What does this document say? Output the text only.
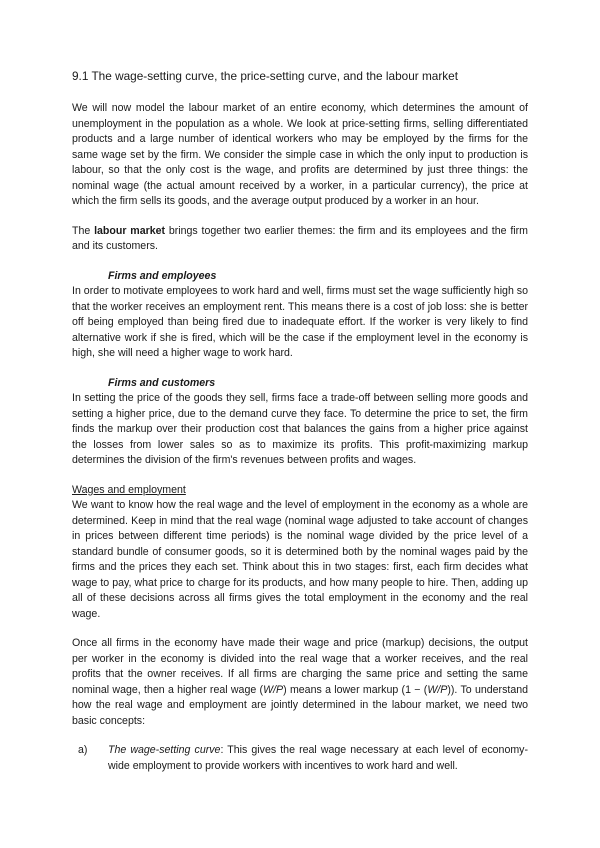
9.1 The wage-setting curve, the price-setting curve, and the labour market

We will now model the labour market of an entire economy, which determines the amount of unemployment in the population as a whole. We look at price-setting firms, selling differentiated products and a large number of identical workers who may be employed by the firms for the same wage set by the firm. We consider the simple case in which the only input to production is labour, so that the only cost is the wage, and profits are determined by just three things: the nominal wage (the actual amount received by a worker, in a particular currency), the price at which the firm sells its goods, and the average output produced by a worker in an hour.

The labour market brings together two earlier themes: the firm and its employees and the firm and its customers.

Firms and employees

In order to motivate employees to work hard and well, firms must set the wage sufficiently high so that the worker receives an employment rent. This means there is a cost of job loss: she is better off being employed than being fired due to inadequate effort. If the worker is very likely to find alternative work if she is fired, which will be the case if the employment level in the economy is high, she will need a higher wage to work hard.

Firms and customers

In setting the price of the goods they sell, firms face a trade-off between selling more goods and setting a higher price, due to the demand curve they face. To determine the price to set, the firm finds the markup over their production cost that balances the gains from a higher price against the losses from lower sales so as to maximize its profits. This profit-maximizing markup determines the division of the firm's revenues between profits and wages.

Wages and employment

We want to know how the real wage and the level of employment in the economy as a whole are determined. Keep in mind that the real wage (nominal wage adjusted to take account of changes in prices between different time periods) is the nominal wage divided by the price level of a standard bundle of consumer goods, so it is determined both by the nominal wages paid by the firms and the prices they each set. Think about this in two stages: first, each firm decides what wage to pay, what price to charge for its products, and how many people to hire. Then, adding up all of these decisions across all firms gives the total employment in the economy and the real wage.

Once all firms in the economy have made their wage and price (markup) decisions, the output per worker in the economy is divided into the real wage that a worker receives, and the real profits that the owner receives. If all firms are charging the same price and setting the same nominal wage, then a higher real wage (W/P) means a lower markup (1 − (W/P)). To understand how the real wage and employment are jointly determined in the labour market, we need two basic concepts:

a)	The wage-setting curve: This gives the real wage necessary at each level of economy-wide employment to provide workers with incentives to work hard and well.
